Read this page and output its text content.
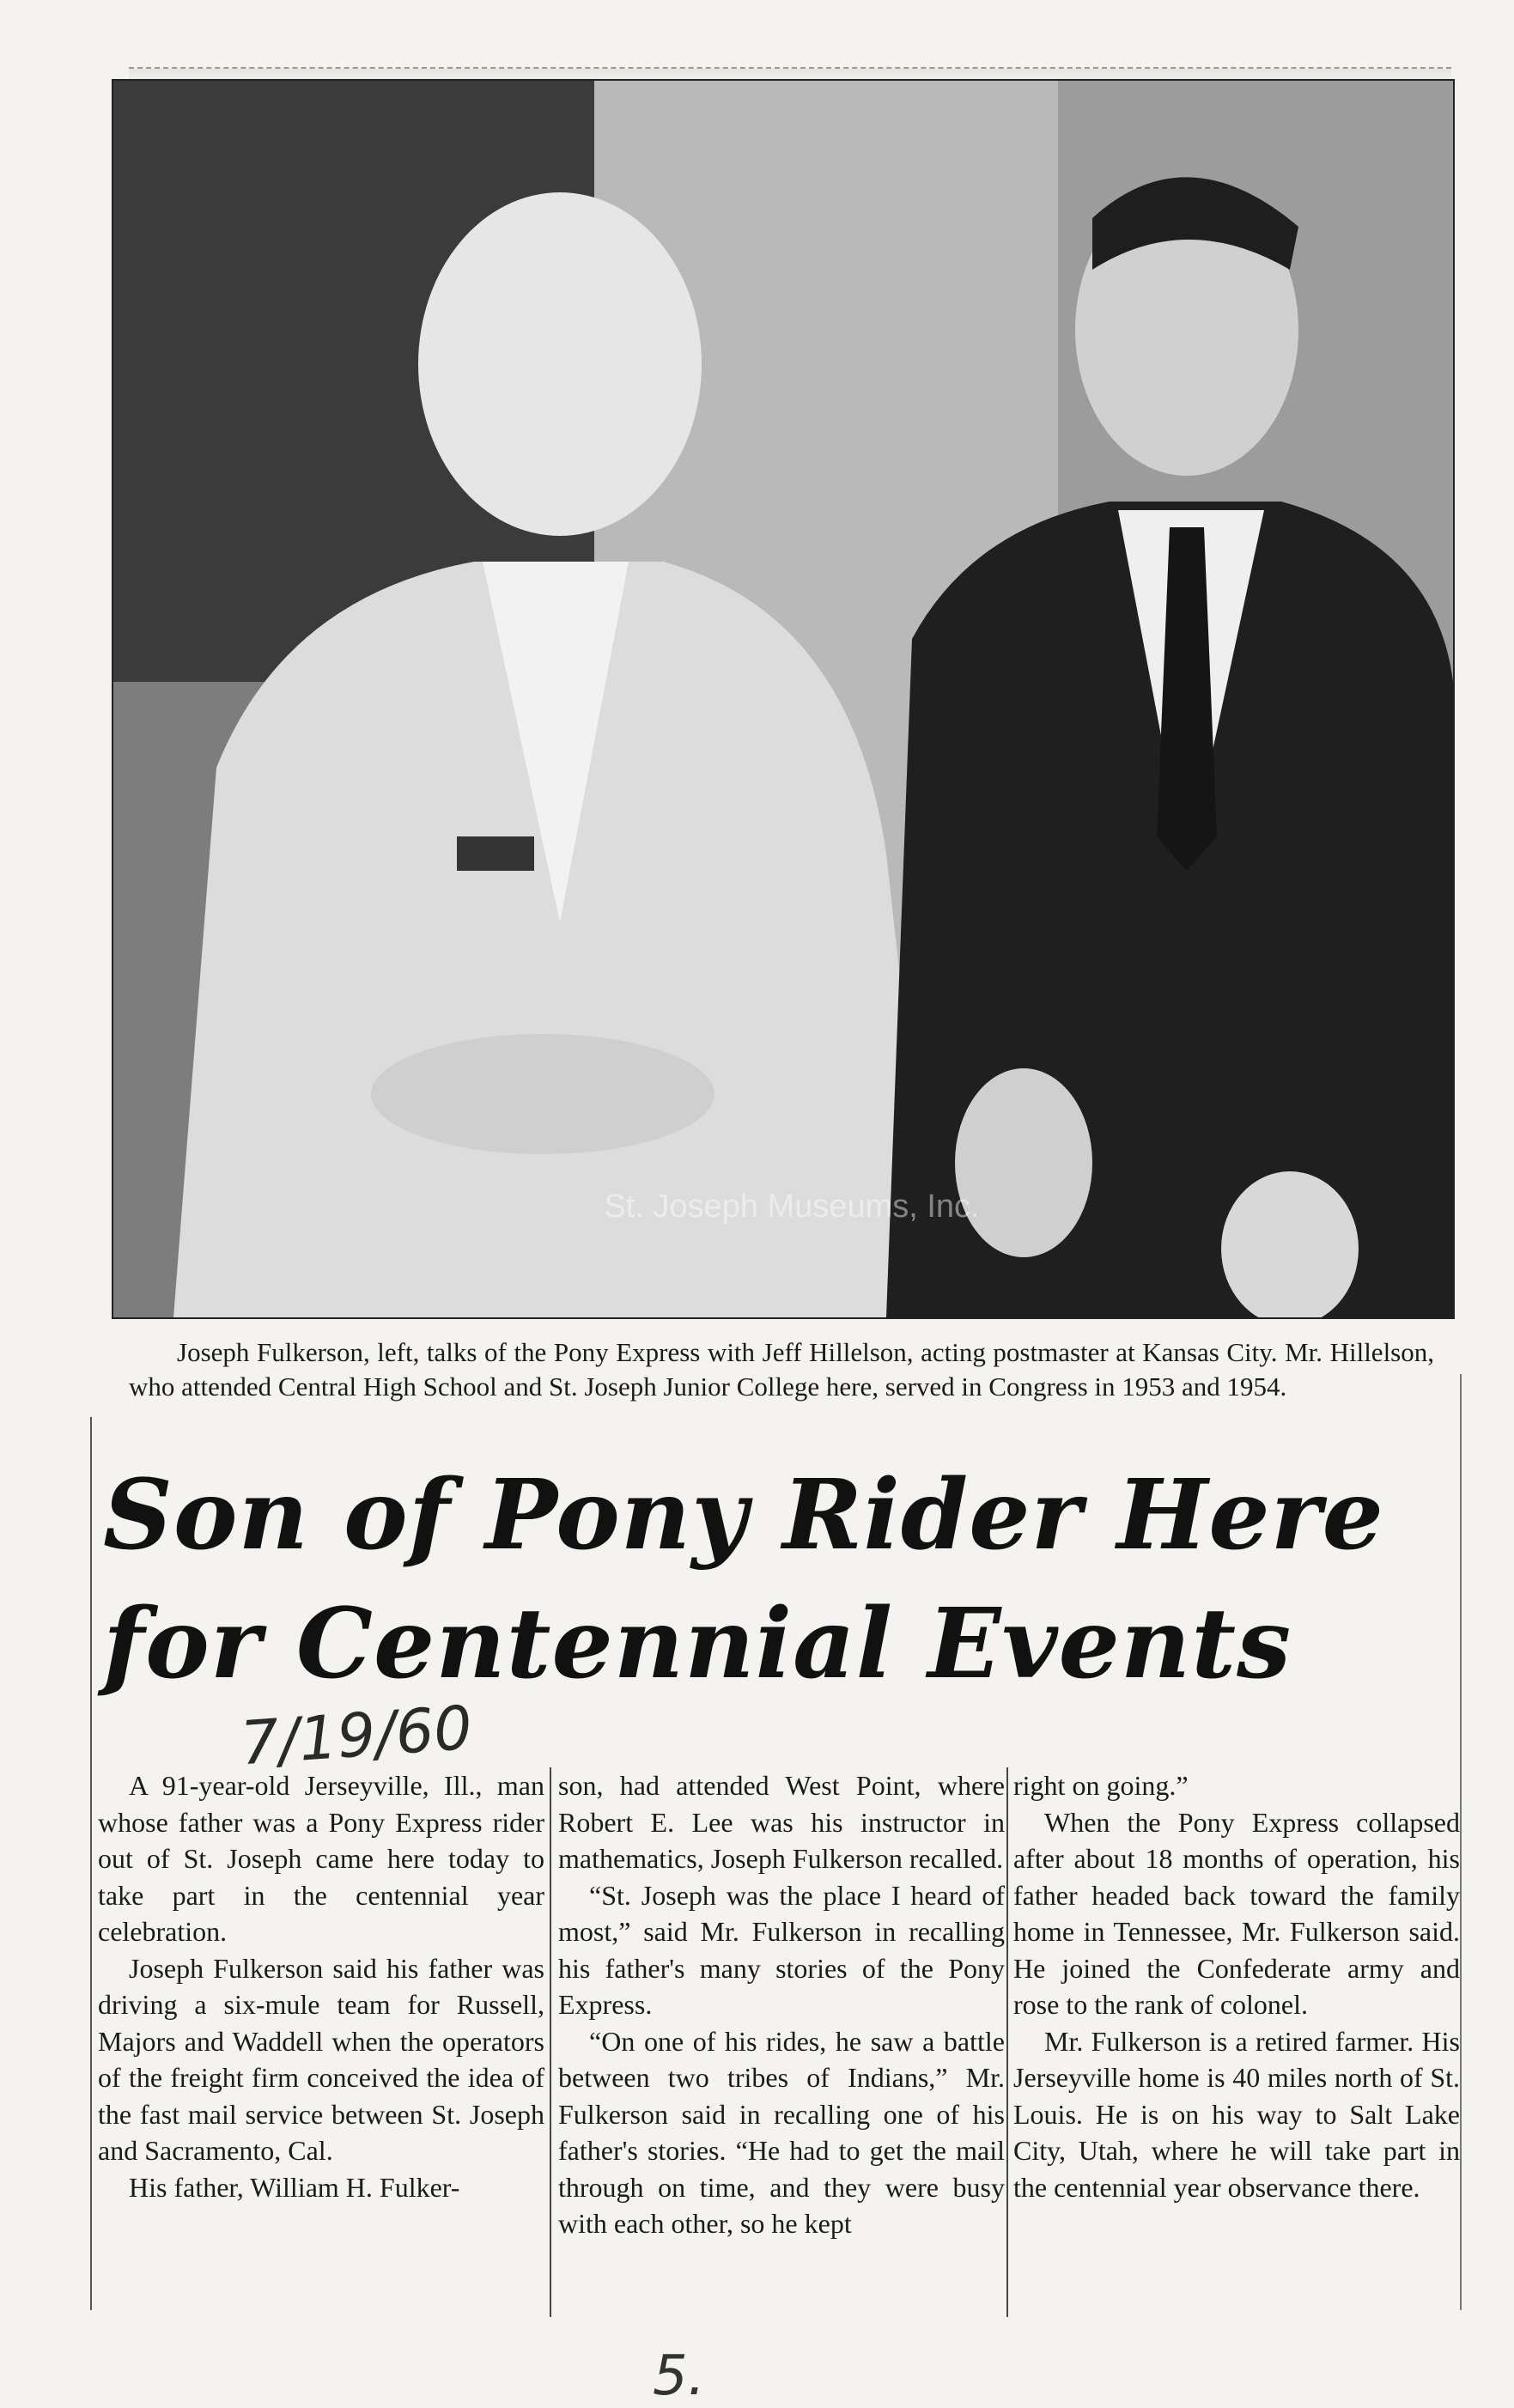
St. Joseph Museums, Inc.
Joseph Fulkerson, left, talks of the Pony Express with Jeff Hillelson, acting postmaster at Kansas City. Mr. Hillelson, who attended Central High School and St. Joseph Junior College here, served in Congress in 1953 and 1954.
Son of Pony Rider Here
for Centennial Events
7/19/60

A 91-year-old Jerseyville, Ill., man whose father was a Pony Express rider out of St. Joseph came here today to take part in the centennial year celebration.

Joseph Fulkerson said his father was driving a six-mule team for Russell, Majors and Waddell when the operators of the freight firm conceived the idea of the fast mail service between St. Joseph and Sacramento, Cal.

His father, William H. Fulker-

son, had attended West Point, where Robert E. Lee was his instructor in mathematics, Joseph Fulkerson recalled.

“St. Joseph was the place I heard of most,” said Mr. Fulkerson in recalling his father's many stories of the Pony Express.

“On one of his rides, he saw a battle between two tribes of Indians,” Mr. Fulkerson said in recalling one of his father's stories. “He had to get the mail through on time, and they were busy with each other, so he kept

right on going.”

When the Pony Express collapsed after about 18 months of operation, his father headed back toward the family home in Tennessee, Mr. Fulkerson said. He joined the Confederate army and rose to the rank of colonel.

Mr. Fulkerson is a retired farmer. His Jerseyville home is 40 miles north of St. Louis. He is on his way to Salt Lake City, Utah, where he will take part in the centennial year observance there.

5.
